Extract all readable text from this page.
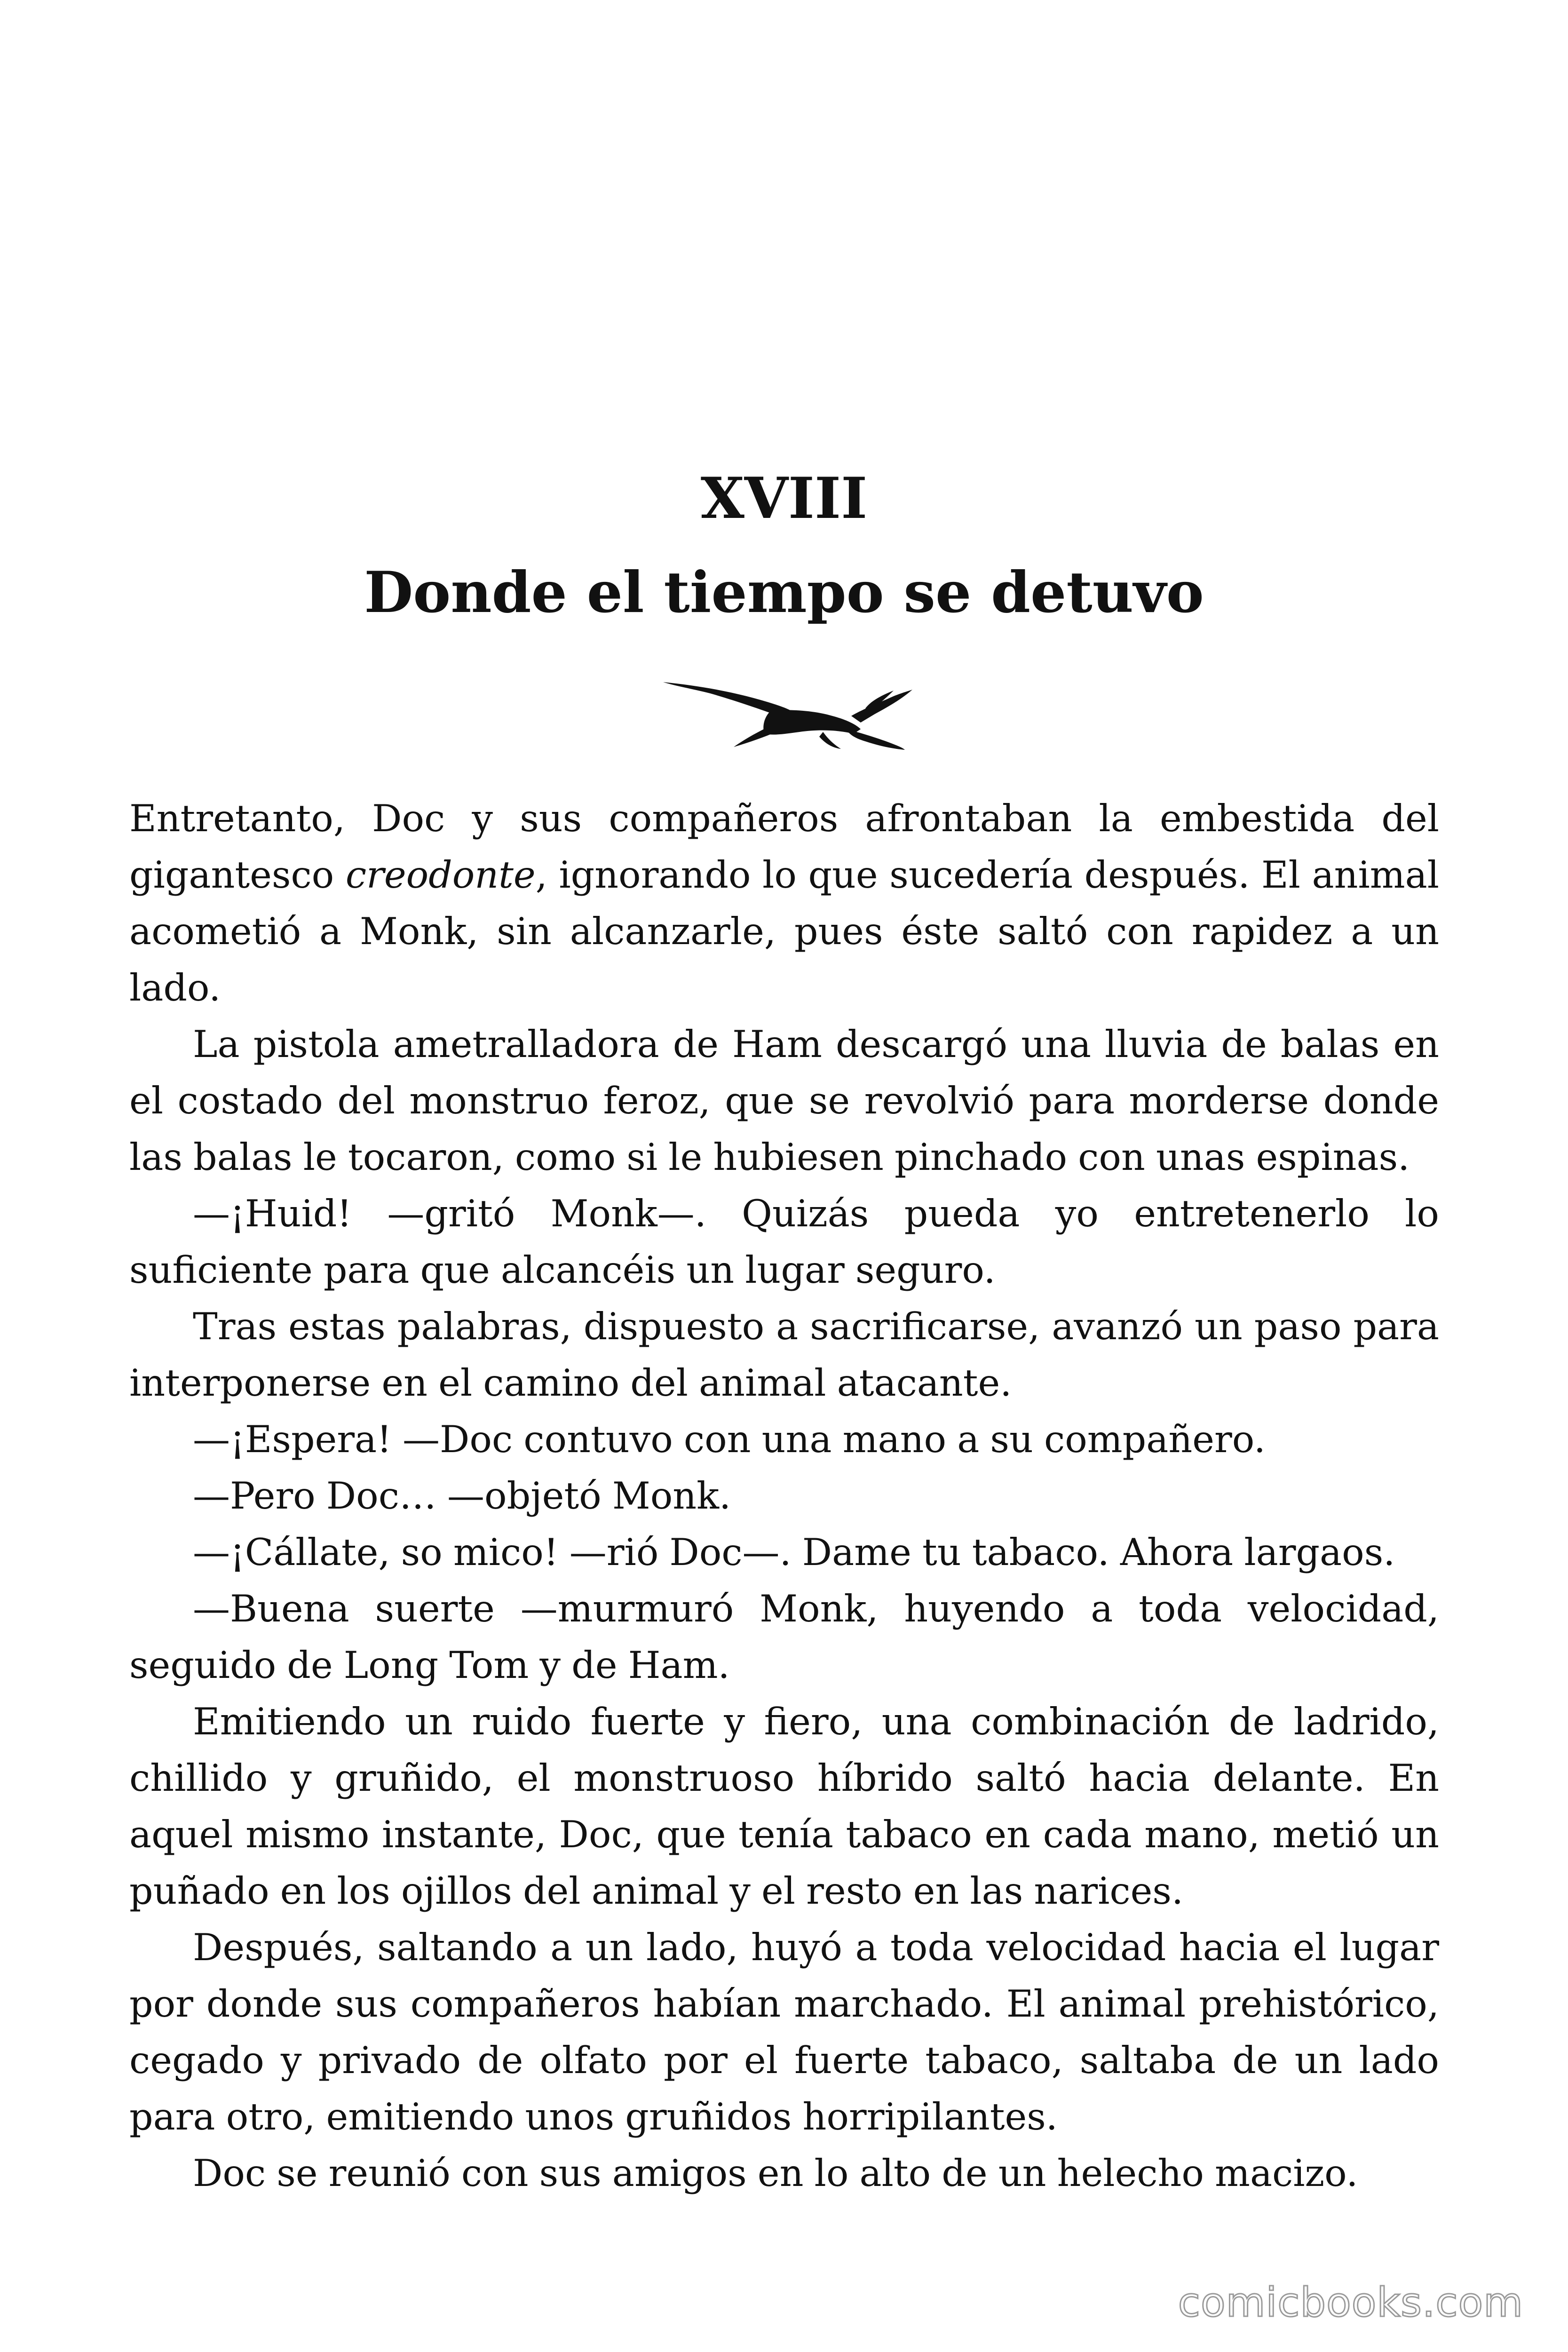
XVIII
Donde el tiempo se detuvo

Entretanto, Doc y sus compañeros afrontaban la embestida del gigantesco creodonte, ignorando lo que sucedería después. El animal acometió a Monk, sin alcanzarle, pues éste saltó con rapidez a un lado.

La pistola ametralladora de Ham descargó una lluvia de balas en el costado del monstruo feroz, que se revolvió para morderse donde las balas le tocaron, como si le hubiesen pinchado con unas espinas.

—¡Huid! —gritó Monk—. Quizás pueda yo entretenerlo lo suficiente para que alcancéis un lugar seguro.

Tras estas palabras, dispuesto a sacrificarse, avanzó un paso para interponerse en el camino del animal atacante.

—¡Espera! —Doc contuvo con una mano a su compañero.

—Pero Doc… —objetó Monk.

—¡Cállate, so mico! —rió Doc—. Dame tu tabaco. Ahora largaos.

—Buena suerte —murmuró Monk, huyendo a toda velocidad, seguido de Long Tom y de Ham.

Emitiendo un ruido fuerte y fiero, una combinación de ladrido, chillido y gruñido, el monstruoso híbrido saltó hacia delante. En aquel mismo instante, Doc, que tenía tabaco en cada mano, metió un puñado en los ojillos del animal y el resto en las narices.

Después, saltando a un lado, huyó a toda velocidad hacia el lugar por donde sus compañeros habían marchado. El animal prehistórico, cegado y privado de olfato por el fuerte tabaco, saltaba de un lado para otro, emitiendo unos gruñidos horripilantes.

Doc se reunió con sus amigos en lo alto de un helecho macizo.

comicbooks.com
